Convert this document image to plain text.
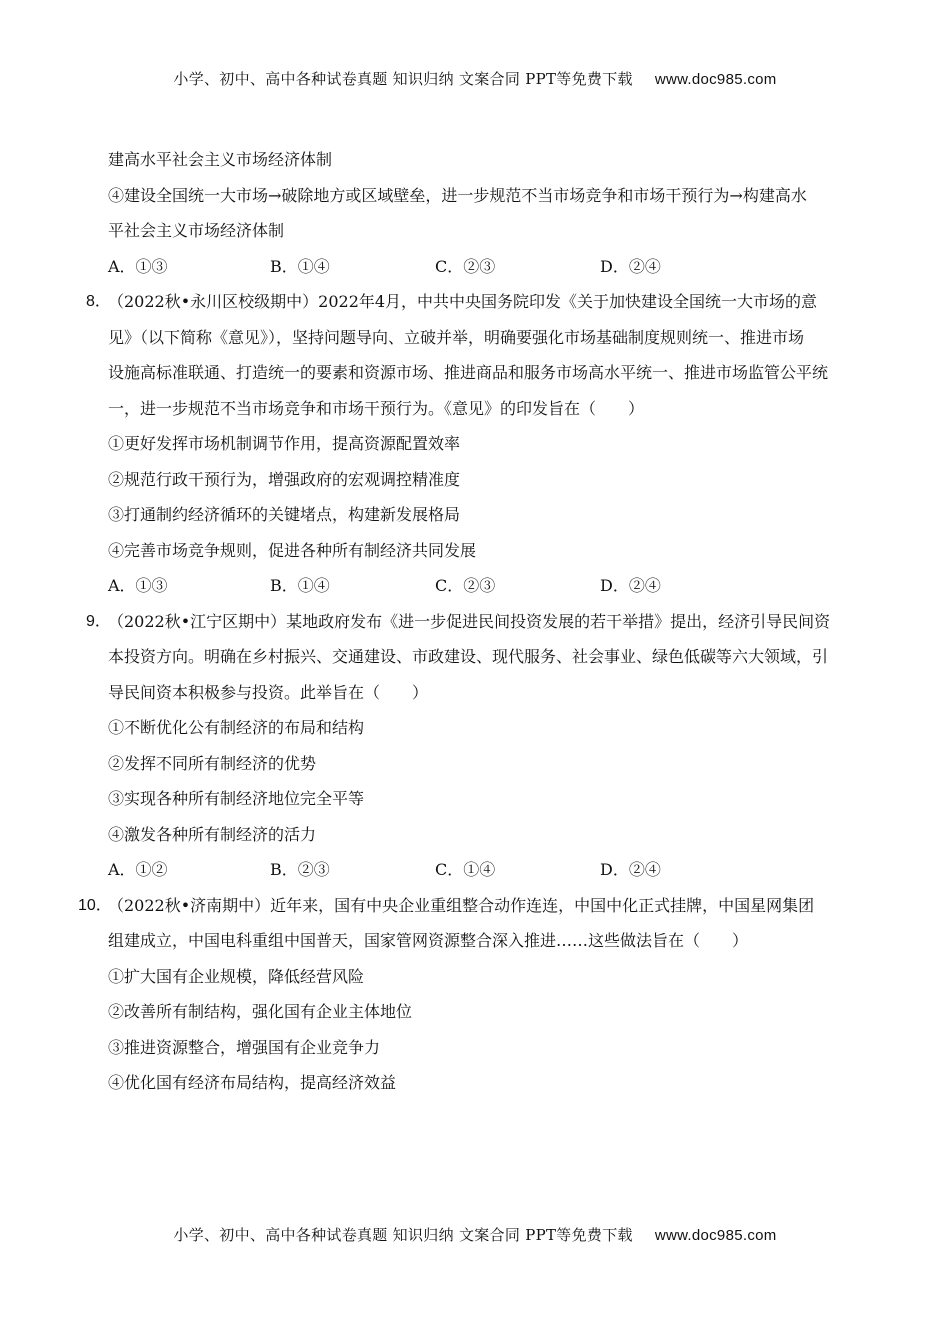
小学、初中、高中各种试卷真题 知识归纳 文案合同 PPT等免费下载 www.doc985.com
建高水平社会主义市场经济体制
④建设全国统一大市场→破除地方或区域壁垒，进一步规范不当市场竞争和市场干预行为→构建高水
平社会主义市场经济体制
A．①③	B．①④	C．②③	D．②④
8．
（2022秋•永川区校级期中）2022年4月，中共中央国务院印发《关于加快建设全国统一大市场的意
见》（以下简称《意见》），坚持问题导向、立破并举，明确要强化市场基础制度规则统一、推进市场
设施高标准联通、打造统一的要素和资源市场、推进商品和服务市场高水平统一、推进市场监管公平统
一，进一步规范不当市场竞争和市场干预行为。《意见》的印发旨在（　　）
①更好发挥市场机制调节作用，提高资源配置效率
②规范行政干预行为，增强政府的宏观调控精准度
③打通制约经济循环的关键堵点，构建新发展格局
④完善市场竞争规则，促进各种所有制经济共同发展
A．①③	B．①④	C．②③	D．②④
9．
（2022秋•江宁区期中）某地政府发布《进一步促进民间投资发展的若干举措》提出，经济引导民间资
本投资方向。明确在乡村振兴、交通建设、市政建设、现代服务、社会事业、绿色低碳等六大领域，引
导民间资本积极参与投资。此举旨在（　　）
①不断优化公有制经济的布局和结构
②发挥不同所有制经济的优势
③实现各种所有制经济地位完全平等
④激发各种所有制经济的活力
A．①②	B．②③	C．①④	D．②④
10．
（2022秋•济南期中）近年来，国有中央企业重组整合动作连连，中国中化正式挂牌，中国星网集团
组建成立，中国电科重组中国普天，国家管网资源整合深入推进……这些做法旨在（　　）
①扩大国有企业规模，降低经营风险
②改善所有制结构，强化国有企业主体地位
③推进资源整合，增强国有企业竞争力
④优化国有经济布局结构，提高经济效益
小学、初中、高中各种试卷真题 知识归纳 文案合同 PPT等免费下载 www.doc985.com
